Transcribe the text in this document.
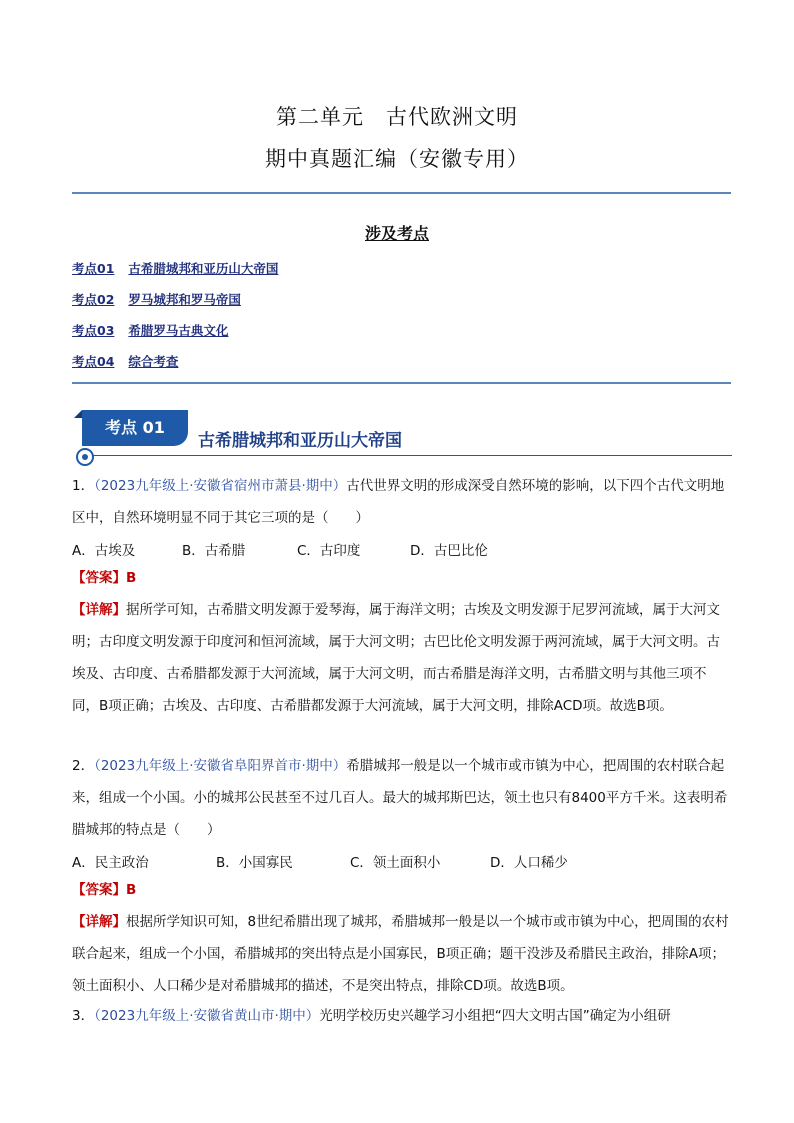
第二单元　古代欧洲文明
期中真题汇编（安徽专用）
涉及考点
考点01 古希腊城邦和亚历山大帝国
考点02 罗马城邦和罗马帝国
考点03 希腊罗马古典文化
考点04 综合考查
考点 01
古希腊城邦和亚历山大帝国
1．（2023九年级上·安徽省宿州市萧县·期中）古代世界文明的形成深受自然环境的影响，以下四个古代文明地区中，自然环境明显不同于其它三项的是（　　）
A．古埃及	B．古希腊	C．古印度	D．古巴比伦
【答案】B
【详解】据所学可知，古希腊文明发源于爱琴海，属于海洋文明；古埃及文明发源于尼罗河流域，属于大河文明；古印度文明发源于印度河和恒河流域，属于大河文明；古巴比伦文明发源于两河流域，属于大河文明。古埃及、古印度、古希腊都发源于大河流域，属于大河文明，而古希腊是海洋文明，古希腊文明与其他三项不同，B项正确；古埃及、古印度、古希腊都发源于大河流域，属于大河文明，排除ACD项。故选B项。
2．（2023九年级上·安徽省阜阳界首市·期中）希腊城邦一般是以一个城市或市镇为中心，把周围的农村联合起来，组成一个小国。小的城邦公民甚至不过几百人。最大的城邦斯巴达，领土也只有8400平方千米。这表明希腊城邦的特点是（　　）
A．民主政治	B．小国寡民	C．领土面积小	D．人口稀少
【答案】B
【详解】根据所学知识可知，8世纪希腊出现了城邦，希腊城邦一般是以一个城市或市镇为中心，把周围的农村联合起来，组成一个小国，希腊城邦的突出特点是小国寡民，B项正确；题干没涉及希腊民主政治，排除A项；领土面积小、人口稀少是对希腊城邦的描述，不是突出特点，排除CD项。故选B项。
3．（2023九年级上·安徽省黄山市·期中）光明学校历史兴趣学习小组把“四大文明古国”确定为小组研
